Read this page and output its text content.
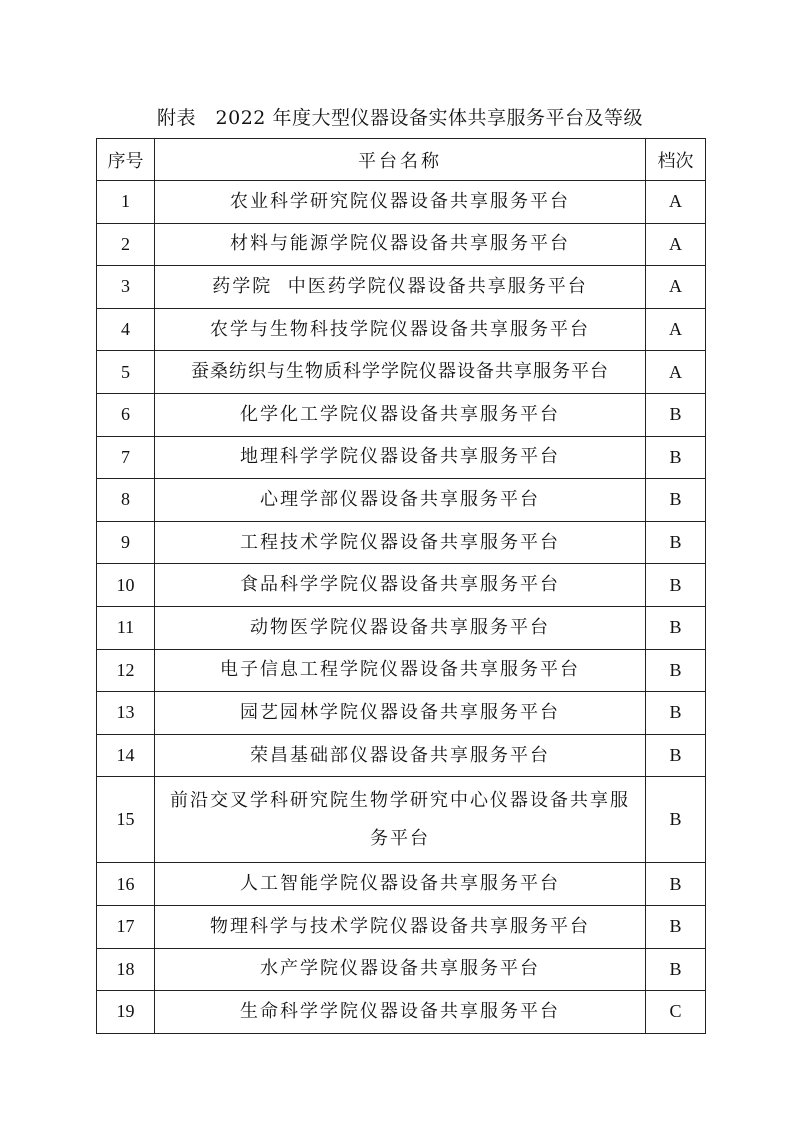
附表　2022 年度大型仪器设备实体共享服务平台及等级
序号	平台名称	档次
1	农业科学研究院仪器设备共享服务平台	A
2	材料与能源学院仪器设备共享服务平台	A
3	药学院  中医药学院仪器设备共享服务平台	A
4	农学与生物科技学院仪器设备共享服务平台	A
5	蚕桑纺织与生物质科学学院仪器设备共享服务平台	A
6	化学化工学院仪器设备共享服务平台	B
7	地理科学学院仪器设备共享服务平台	B
8	心理学部仪器设备共享服务平台	B
9	工程技术学院仪器设备共享服务平台	B
10	食品科学学院仪器设备共享服务平台	B
11	动物医学院仪器设备共享服务平台	B
12	电子信息工程学院仪器设备共享服务平台	B
13	园艺园林学院仪器设备共享服务平台	B
14	荣昌基础部仪器设备共享服务平台	B
15	前沿交叉学科研究院生物学研究中心仪器设备共享服务平台	B
16	人工智能学院仪器设备共享服务平台	B
17	物理科学与技术学院仪器设备共享服务平台	B
18	水产学院仪器设备共享服务平台	B
19	生命科学学院仪器设备共享服务平台	C
